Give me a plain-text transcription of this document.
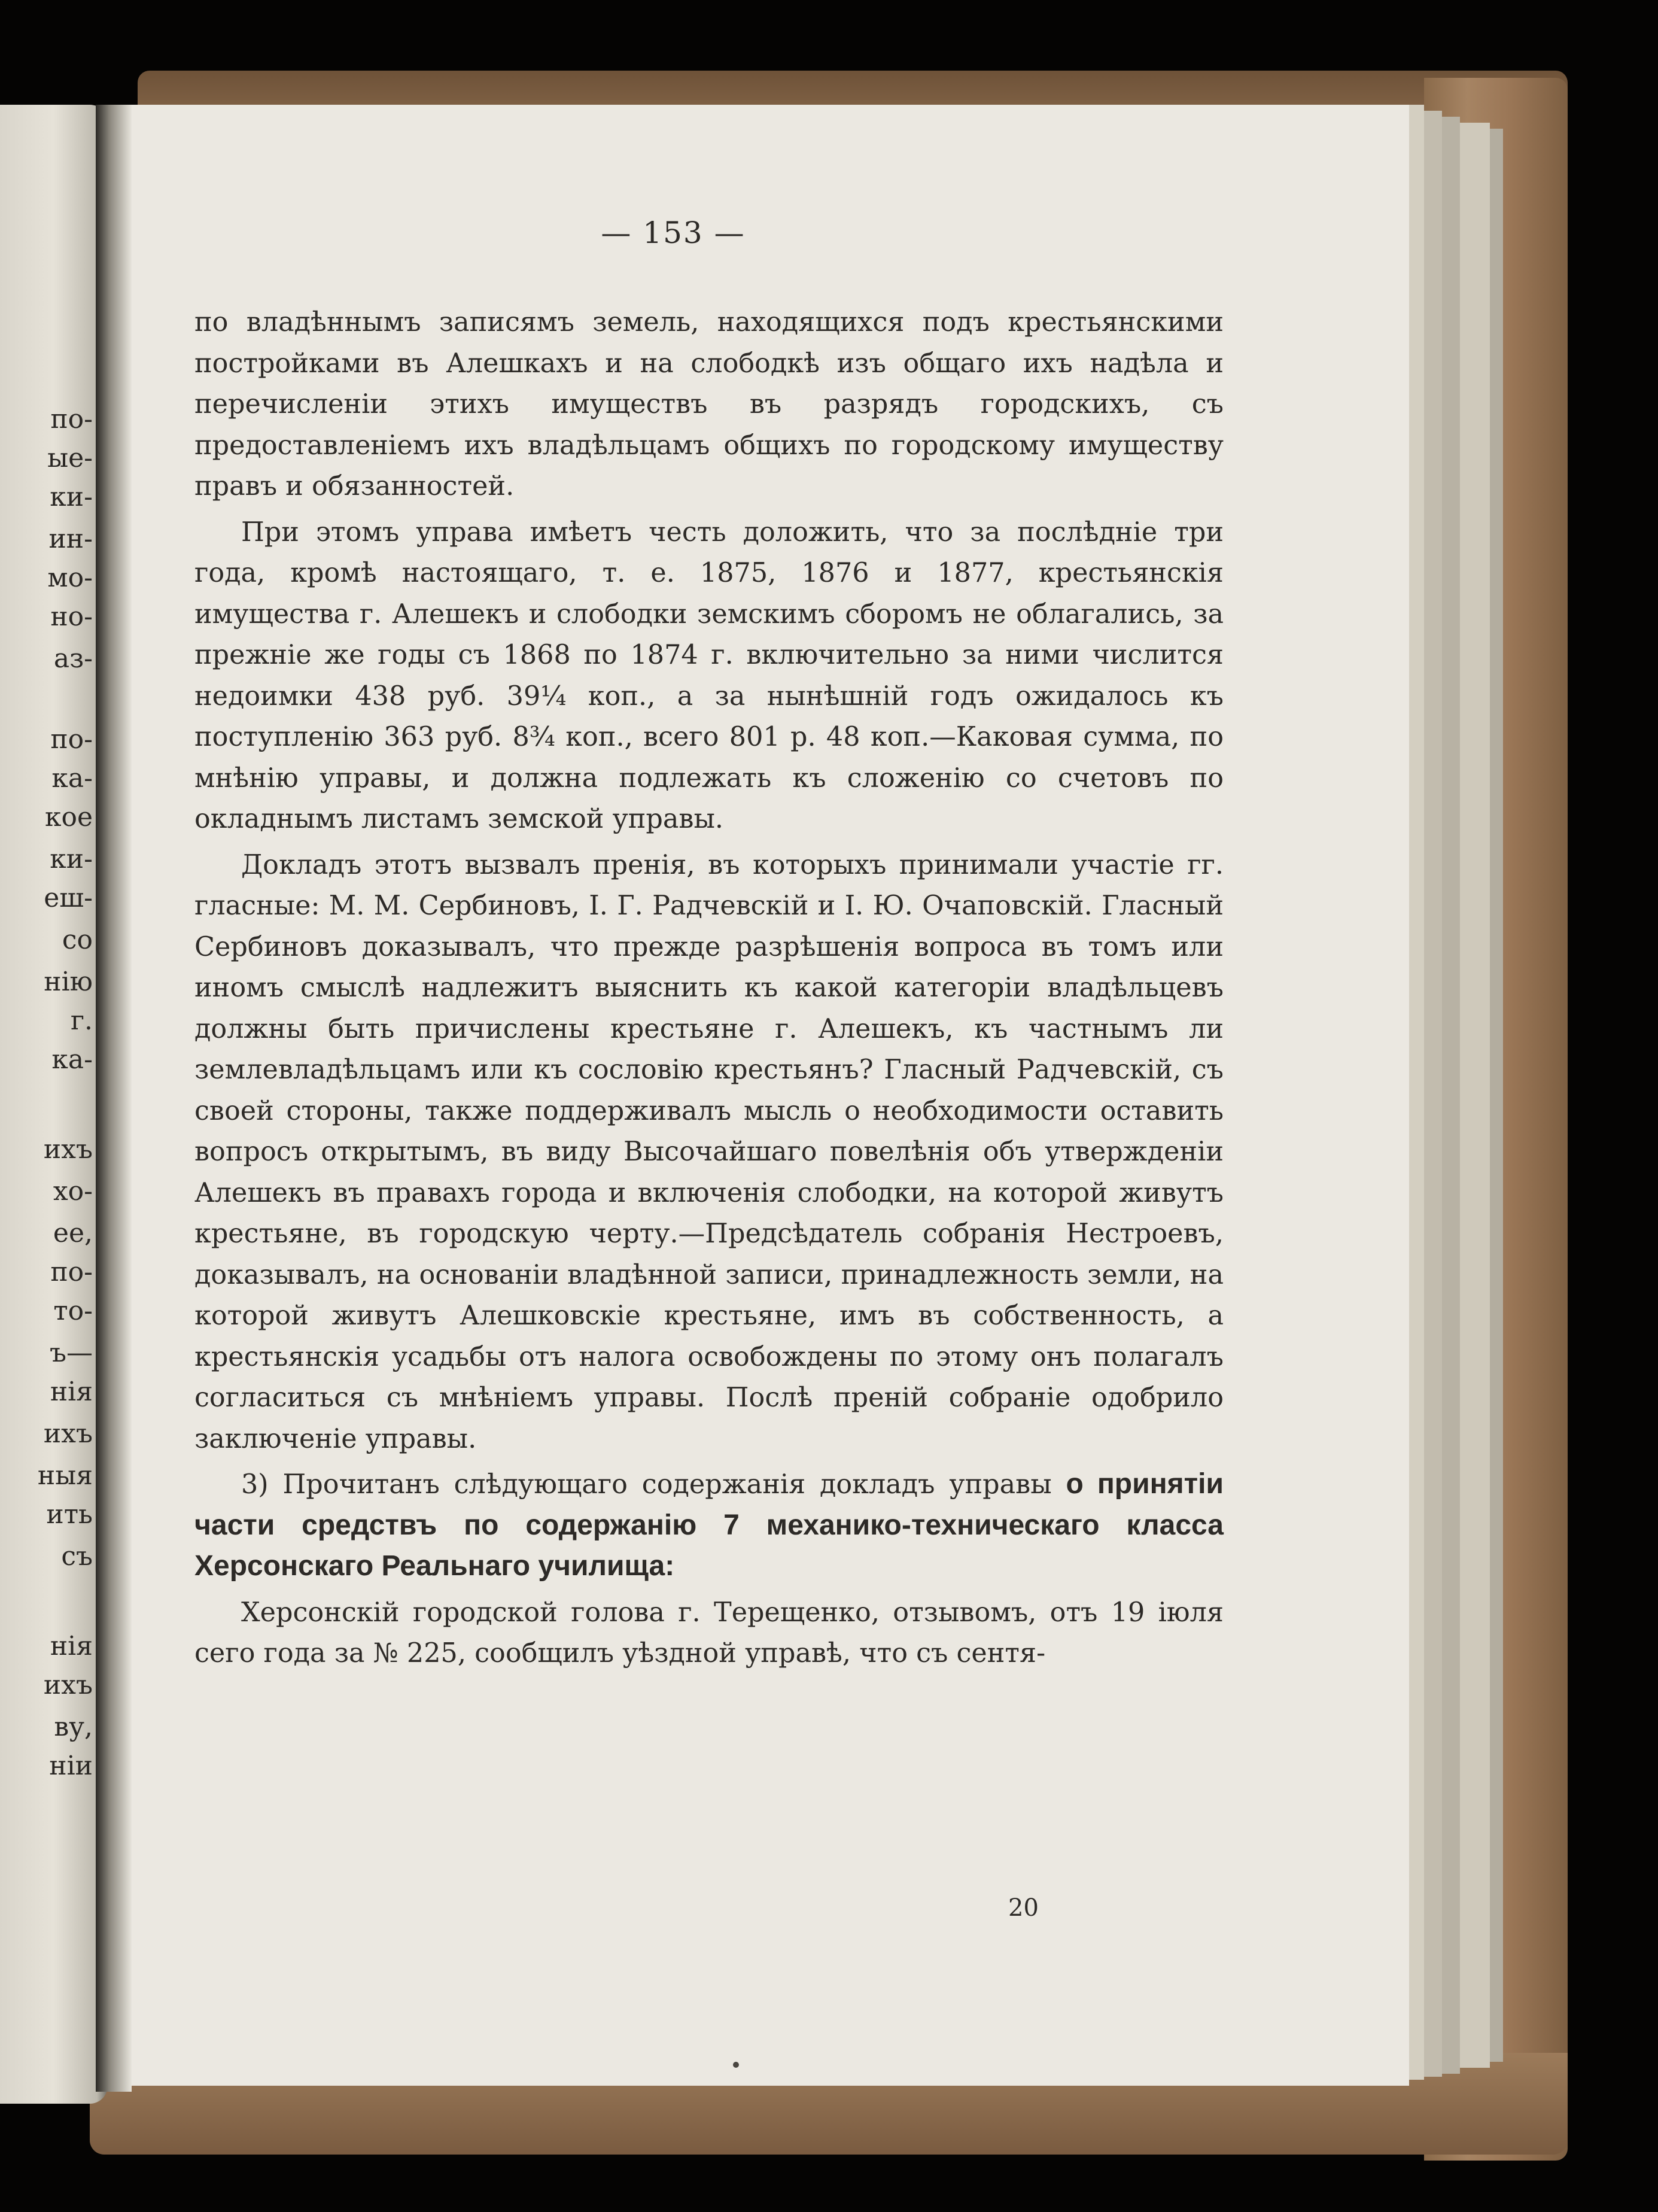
по-
ые-
ки-
ин-
мо-
но-
аз-
по-
ка-
кое
ки-
еш-
со
нію
г.
ка-
ихъ
хо-
ее,
по-
то-
ъ—
нія
ихъ
ныя
ить
съ
нія
ихъ
ву,
ніи
— 153 —

по владѣннымъ записямъ земель, находящихся подъ крестьянскими постройками въ Алешкахъ и на слободкѣ изъ общаго ихъ надѣла и перечисленіи этихъ имуществъ въ разрядъ городскихъ, съ предоставленіемъ ихъ владѣльцамъ общихъ по городскому имуществу правъ и обязанностей.

При этомъ управа имѣетъ честь доложить, что за послѣдніе три года, кромѣ настоящаго, т. е. 1875, 1876 и 1877, крестьянскія имущества г. Алешекъ и слободки земскимъ сборомъ не облагались, за прежніе же годы съ 1868 по 1874 г. включительно за ними числится недоимки 438 руб. 39¼ коп., а за нынѣшній годъ ожидалось къ поступленію 363 руб. 8¾ коп., всего 801 р. 48 коп.—Каковая сумма, по мнѣнію управы, и должна подлежать къ сложенію со счетовъ по окладнымъ листамъ земской управы.

Докладъ этотъ вызвалъ пренія, въ которыхъ принимали участіе гг. гласные: М. М. Сербиновъ, І. Г. Радчевскій и І. Ю. Очаповскій. Гласный Сербиновъ доказывалъ, что прежде разрѣшенія вопроса въ томъ или иномъ смыслѣ надлежитъ выяснить къ какой категоріи владѣльцевъ должны быть причислены крестьяне г. Алешекъ, къ частнымъ ли землевладѣльцамъ или къ сословію крестьянъ? Гласный Радчевскій, съ своей стороны, также поддерживалъ мысль о необходимости оставить вопросъ открытымъ, въ виду Высочайшаго повелѣнія объ утвержденіи Алешекъ въ правахъ города и включенія слободки, на которой живутъ крестьяне, въ городскую черту.—Предсѣдатель собранія Нестроевъ, доказывалъ, на основаніи владѣнной записи, принадлежность земли, на которой живутъ Алешковскіе крестьяне, имъ въ собственность, а крестьянскія усадьбы отъ налога освобождены по этому онъ полагалъ согласиться съ мнѣніемъ управы. Послѣ преній собраніе одобрило заключеніе управы.

3) Прочитанъ слѣдующаго содержанія докладъ управы о принятіи части средствъ по содержанію 7 механико-техническаго класса Херсонскаго Реальнаго училища:

Херсонскій городской голова г. Терещенко, отзывомъ, отъ 19 іюля сего года за № 225, сообщилъ уѣздной управѣ, что съ сентя-

20
